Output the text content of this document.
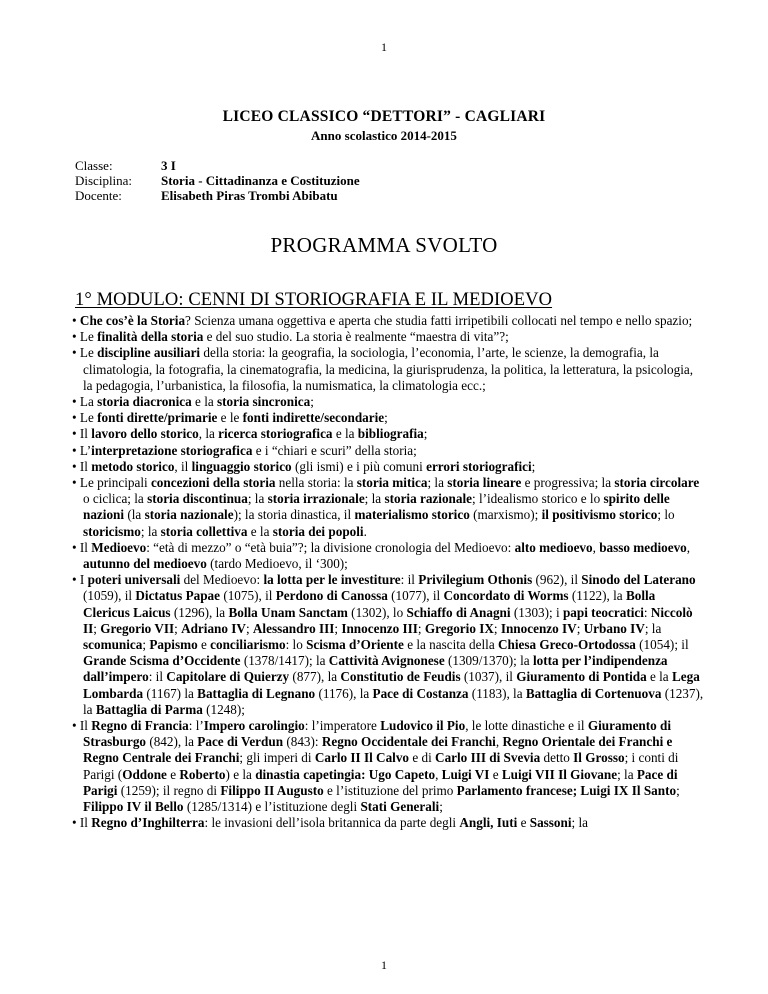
1
LICEO CLASSICO “DETTORI” - CAGLIARI
Anno scolastico 2014-2015
Classe:	3 I
Disciplina:	Storia - Cittadinanza e Costituzione
Docente:	Elisabeth Piras Trombi Abibatu
PROGRAMMA SVOLTO
1° MODULO: CENNI DI STORIOGRAFIA E IL MEDIOEVO
• Che cos’è la Storia? Scienza umana oggettiva e aperta che studia fatti irripetibili collocati nel tempo e nello spazio;
• Le finalità della storia e del suo studio. La storia è realmente “maestra di vita”?;
• Le discipline ausiliari della storia: la geografia, la sociologia, l’economia, l’arte, le scienze, la demografia, la climatologia, la fotografia, la cinematografia, la medicina, la giurisprudenza, la politica, la letteratura, la psicologia, la pedagogia, l’urbanistica, la filosofia, la numismatica, la climatologia ecc.;
• La storia diacronica e la storia sincronica;
• Le fonti dirette/primarie e le fonti indirette/secondarie;
• Il lavoro dello storico, la ricerca storiografica e la bibliografia;
• L’interpretazione storiografica e i “chiari e scuri” della storia;
• Il metodo storico, il linguaggio storico (gli ismi) e i più comuni errori storiografici;
• Le principali concezioni della storia nella storia: la storia mitica; la storia lineare e progressiva; la storia circolare o ciclica; la storia discontinua; la storia irrazionale; la storia razionale; l’idealismo storico e lo spirito delle nazioni (la storia nazionale); la storia dinastica, il materialismo storico (marxismo); il positivismo storico; lo storicismo; la storia collettiva e la storia dei popoli.
• Il Medioevo: “età di mezzo” o “età buia”?; la divisione cronologia del Medioevo: alto medioevo, basso medioevo, autunno del medioevo (tardo Medioevo, il ‘300);
• I poteri universali del Medioevo: la lotta per le investiture: il Privilegium Othonis (962), il Sinodo del Laterano (1059), il Dictatus Papae (1075), il Perdono di Canossa (1077), il Concordato di Worms (1122), la Bolla Clericus Laicus (1296), la Bolla Unam Sanctam (1302), lo Schiaffo di Anagni (1303); i papi teocratici: Niccolò II; Gregorio VII; Adriano IV; Alessandro III; Innocenzo III; Gregorio IX; Innocenzo IV; Urbano IV; la scomunica; Papismo e conciliarismo: lo Scisma d’Oriente e la nascita della Chiesa Greco-Ortodossa (1054); il Grande Scisma d’Occidente (1378/1417); la Cattività Avignonese (1309/1370); la lotta per l’indipendenza dall’impero: il Capitolare di Quierzy (877), la Constitutio de Feudis (1037), il Giuramento di Pontida e la Lega Lombarda (1167) la Battaglia di Legnano (1176), la Pace di Costanza (1183), la Battaglia di Cortenuova (1237), la Battaglia di Parma (1248);
• Il Regno di Francia: l’Impero carolingio: l’imperatore Ludovico il Pio, le lotte dinastiche e il Giuramento di Strasburgo (842), la Pace di Verdun (843): Regno Occidentale dei Franchi, Regno Orientale dei Franchi e Regno Centrale dei Franchi; gli imperi di Carlo II Il Calvo e di Carlo III di Svevia detto Il Grosso; i conti di Parigi (Oddone e Roberto) e la dinastia capetingia: Ugo Capeto, Luigi VI e Luigi VII Il Giovane; la Pace di Parigi (1259); il regno di Filippo II Augusto e l’istituzione del primo Parlamento francese; Luigi IX Il Santo; Filippo IV il Bello (1285/1314) e l’istituzione degli Stati Generali;
• Il Regno d’Inghilterra: le invasioni dell’isola britannica da parte degli Angli, Iuti e Sassoni; la
1
